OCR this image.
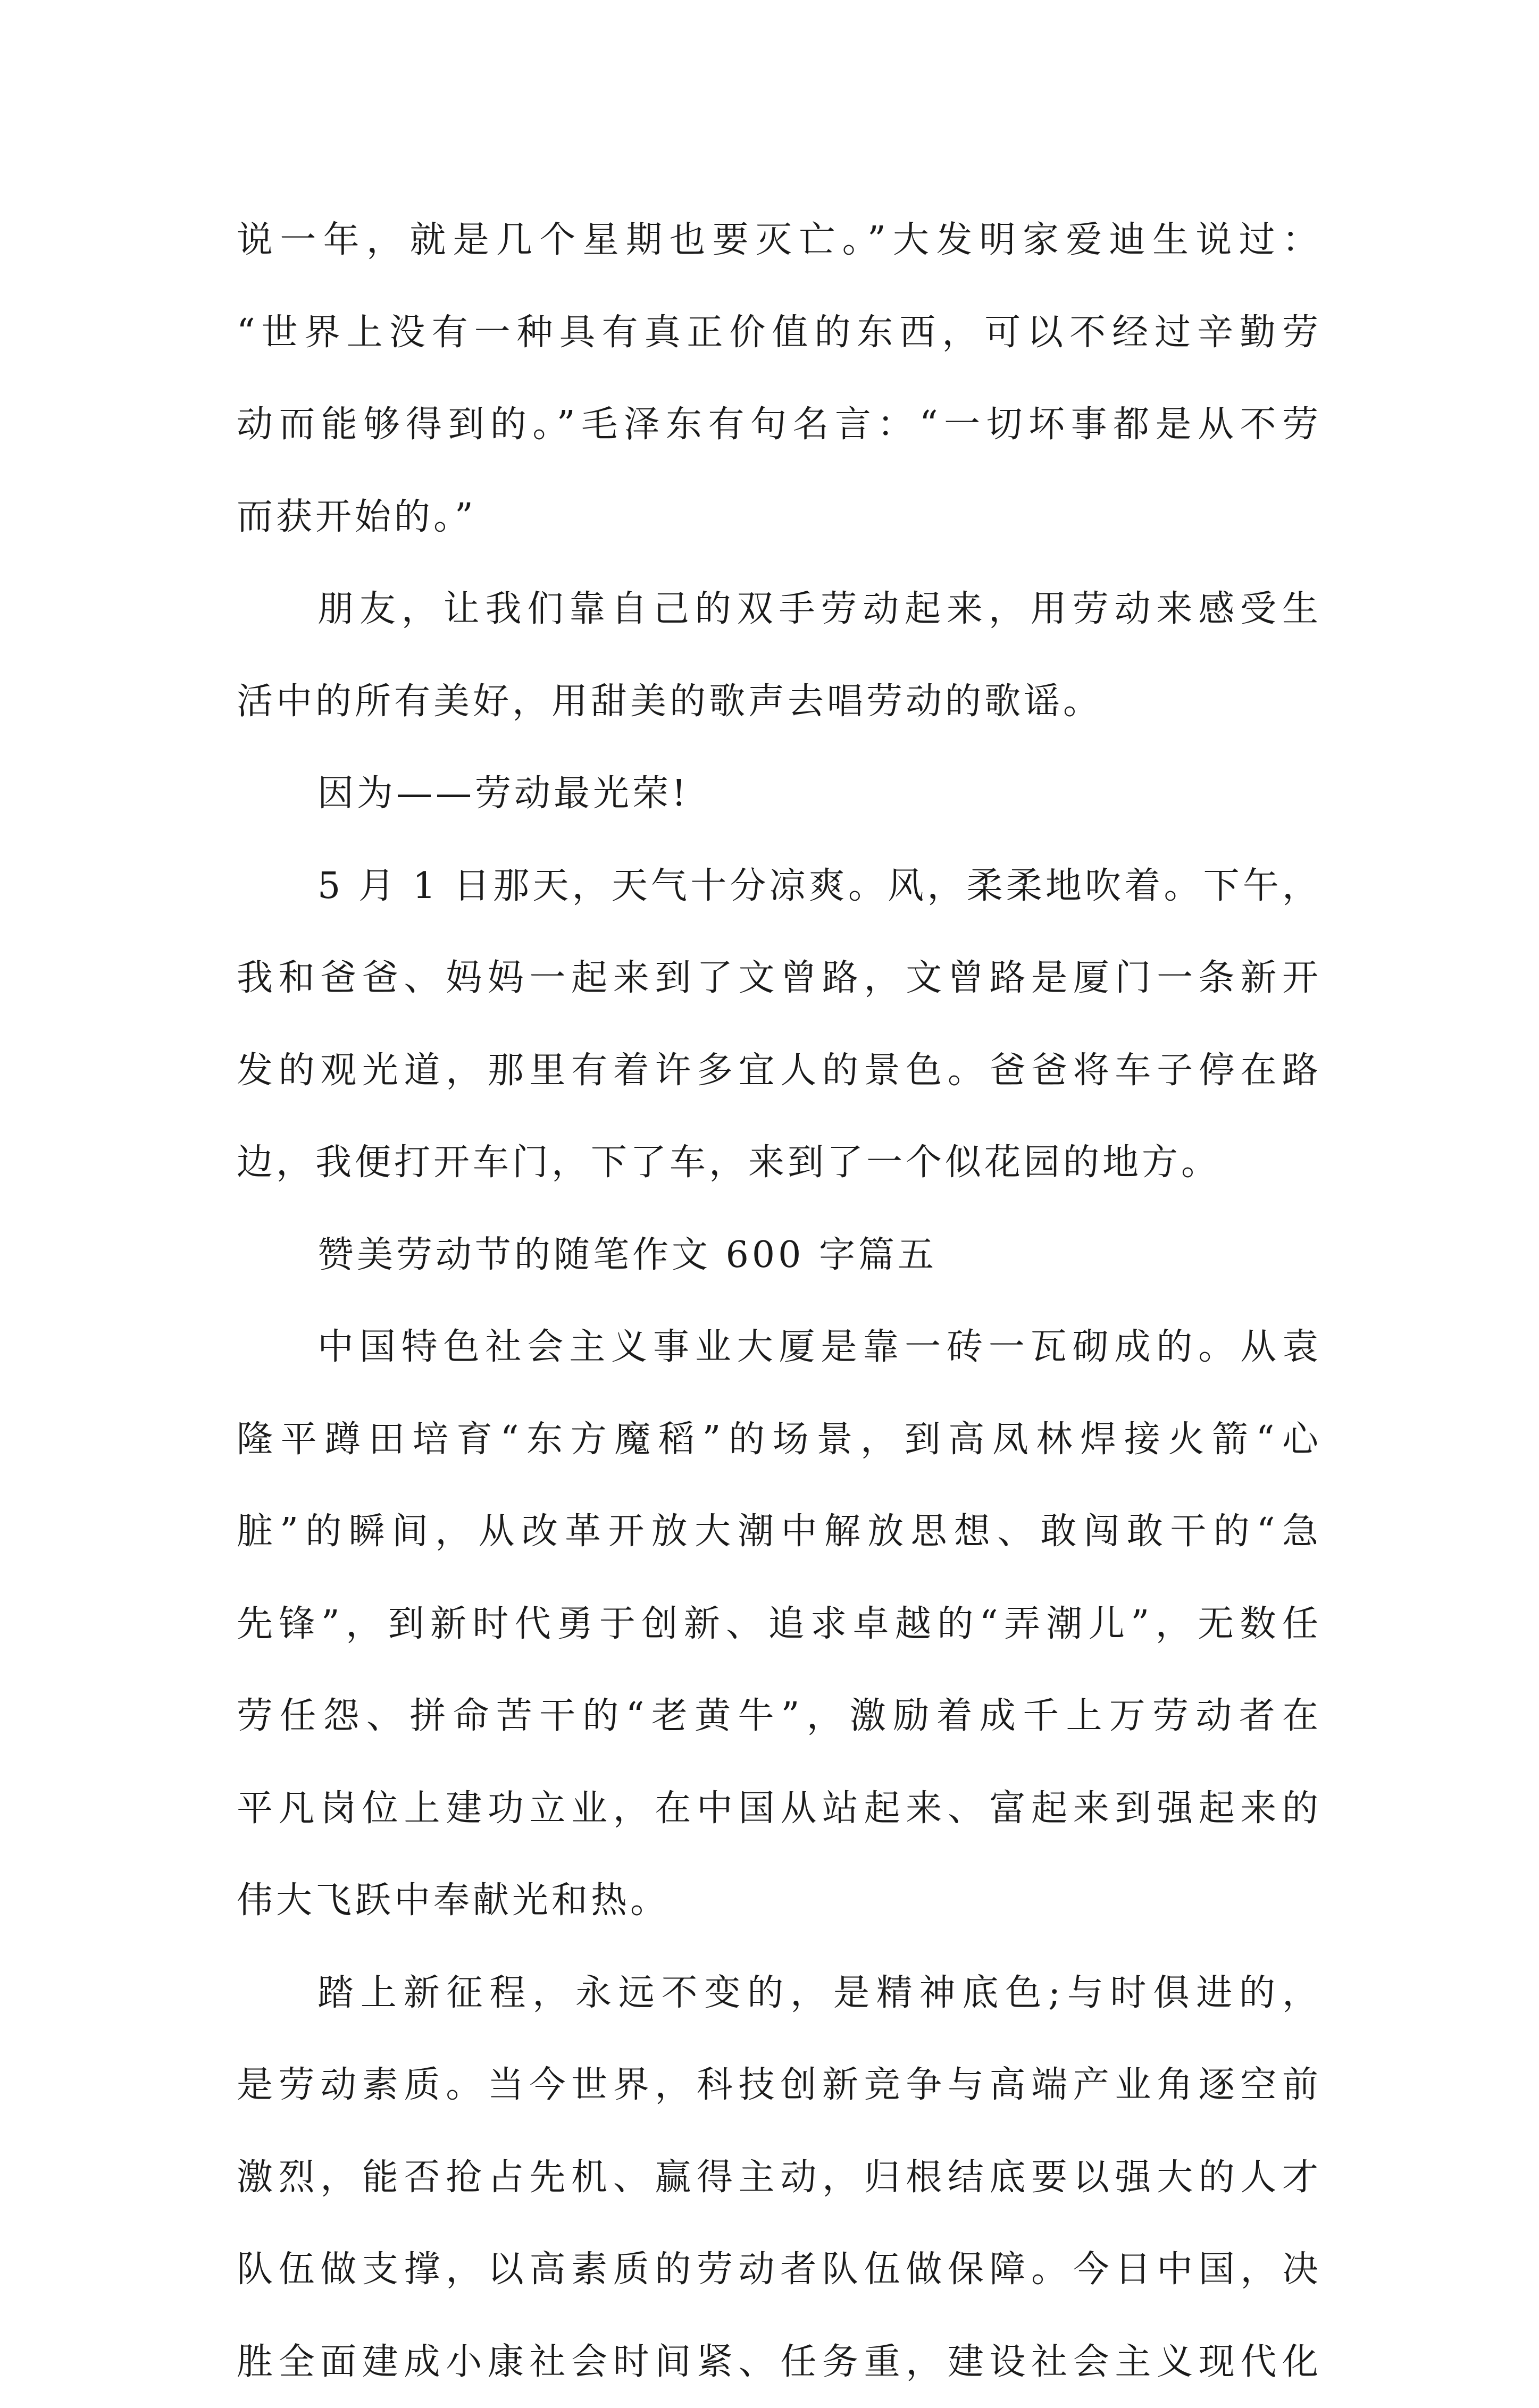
说一年，就是几个星期也要灭亡。”大发明家爱迪生说过：
“世界上没有一种具有真正价值的东西，可以不经过辛勤劳
动而能够得到的。”毛泽东有句名言：“一切坏事都是从不劳
而获开始的。”
朋友，让我们靠自己的双手劳动起来，用劳动来感受生
活中的所有美好，用甜美的歌声去唱劳动的歌谣。
因为——劳动最光荣!
5 月 1 日那天，天气十分凉爽。风，柔柔地吹着。下午，
我和爸爸、妈妈一起来到了文曾路，文曾路是厦门一条新开
发的观光道，那里有着许多宜人的景色。爸爸将车子停在路
边，我便打开车门，下了车，来到了一个似花园的地方。
赞美劳动节的随笔作文 600 字篇五
中国特色社会主义事业大厦是靠一砖一瓦砌成的。从袁
隆平蹲田培育“东方魔稻”的场景，到高凤林焊接火箭“心
脏”的瞬间，从改革开放大潮中解放思想、敢闯敢干的“急
先锋”，到新时代勇于创新、追求卓越的“弄潮儿”，无数任
劳任怨、拼命苦干的“老黄牛”，激励着成千上万劳动者在
平凡岗位上建功立业，在中国从站起来、富起来到强起来的
伟大飞跃中奉献光和热。
踏上新征程，永远不变的，是精神底色;与时俱进的，
是劳动素质。当今世界，科技创新竞争与高端产业角逐空前
激烈，能否抢占先机、赢得主动，归根结底要以强大的人才
队伍做支撑，以高素质的劳动者队伍做保障。今日中国，决
胜全面建成小康社会时间紧、任务重，建设社会主义现代化
